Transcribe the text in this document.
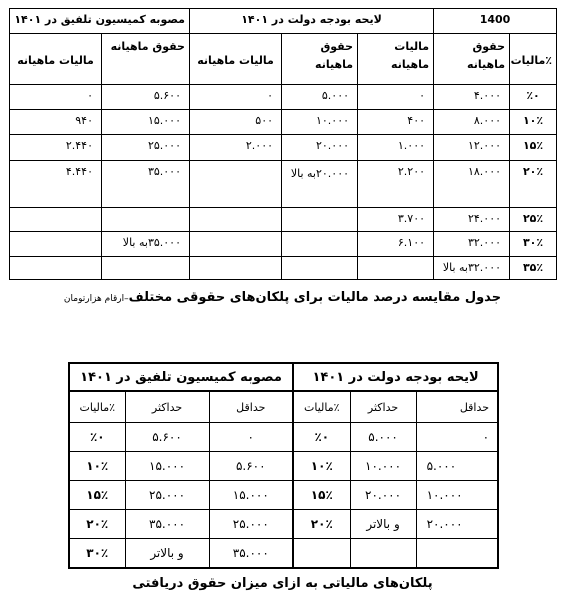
1400		لایحه بودجه دولت در ۱۴۰۱			مصوبه کمیسیون تلفیق در ۱۴۰۱	
٪مالیات	حقوق ماهیانه	مالیات ماهیانه	حقوق ماهیانه	مالیات ماهیانه	حقوق ماهیانه	مالیات ماهیانه
٠٪	۴.۰۰۰	٠	۵.۰۰۰	٠	۵.۶۰۰	٠
۱۰٪	۸.۰۰۰	۴۰۰	۱۰.۰۰۰	۵۰۰	۱۵.۰۰۰	۹۴۰
۱۵٪	۱۲.۰۰۰	۱.۰۰۰	۲۰.۰۰۰	۲.۰۰۰	۲۵.۰۰۰	۲.۴۴۰
۲۰٪	۱۸.۰۰۰	۲.۲۰۰	۲۰.۰۰۰به بالا		۳۵.۰۰۰	۴.۴۴۰
۲۵٪	۲۴.۰۰۰	۳.۷۰۰				
۳۰٪	۳۲.۰۰۰	۶.۱۰۰			۳۵.۰۰۰به بالا	
۳۵٪	۳۲.۰۰۰به بالا					
جدول مقایسه درصد مالیات برای پلکان‌های حقوقی مختلف–ارقام هزارتومان
لایحه بودجه دولت در ۱۴۰۱			مصوبه کمیسیون تلفیق در ۱۴۰۱		
حداقل	حداکثر	٪مالیات	حداقل	حداکثر	٪مالیات
٠	۵.۰۰۰	٠٪	٠	۵.۶۰۰	٠٪
۵.۰۰۰	۱۰.۰۰۰	۱۰٪	۵.۶۰۰	۱۵.۰۰۰	۱۰٪
۱۰.۰۰۰	۲۰.۰۰۰	۱۵٪	۱۵.۰۰۰	۲۵.۰۰۰	۱۵٪
۲۰.۰۰۰	و بالاتر	۲۰٪	۲۵.۰۰۰	۳۵.۰۰۰	۲۰٪
			۳۵.۰۰۰	و بالاتر	۳۰٪
پلکان‌های مالیاتی به ازای میزان حقوق دریافتی
